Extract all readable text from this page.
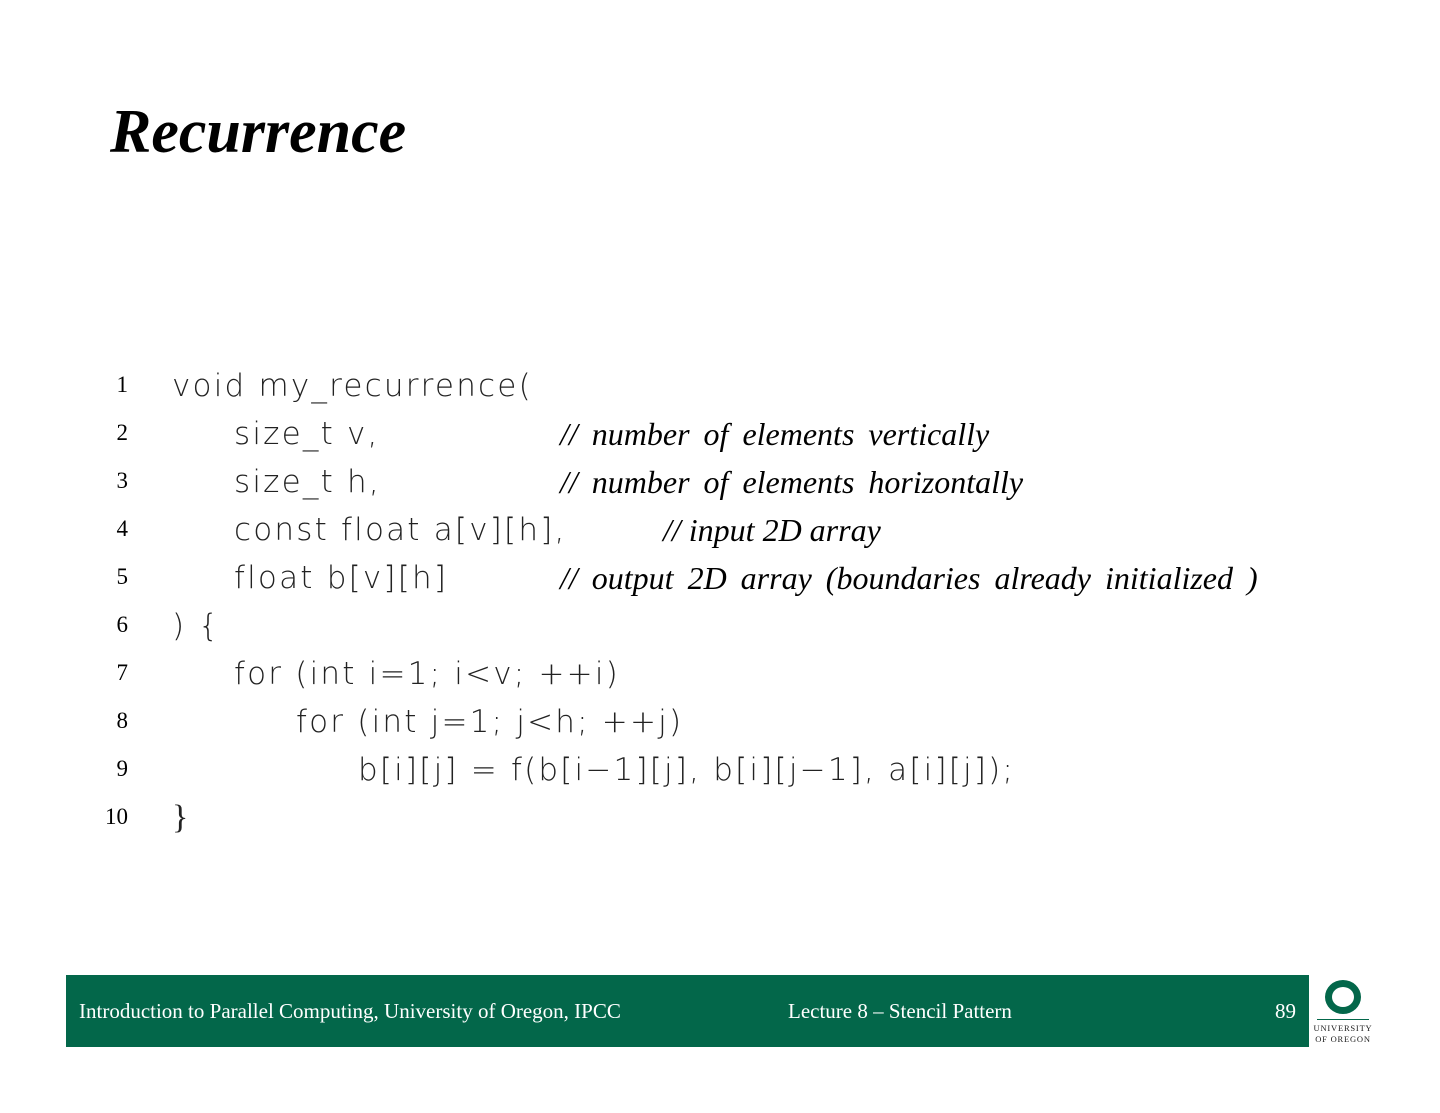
Recurrence
1 void my_recurrence(
2	size_t v,	// number of elements vertically
3	size_t h,	// number of elements horizontally
4	const float a[v][h],	// input 2D array
5	float b[v][h]	// output 2D array (boundaries already initialized )
6 ) {
7	for (int i=1; i<v; ++i)
8	for (int j=1; j<h; ++j)
9	b[i][j] = f(b[i−1][j], b[i][j−1], a[i][j]);
10 }
Introduction to Parallel Computing, University of Oregon, IPCC	Lecture 8 – Stencil Pattern	89
UNIVERSITY
OF OREGON
